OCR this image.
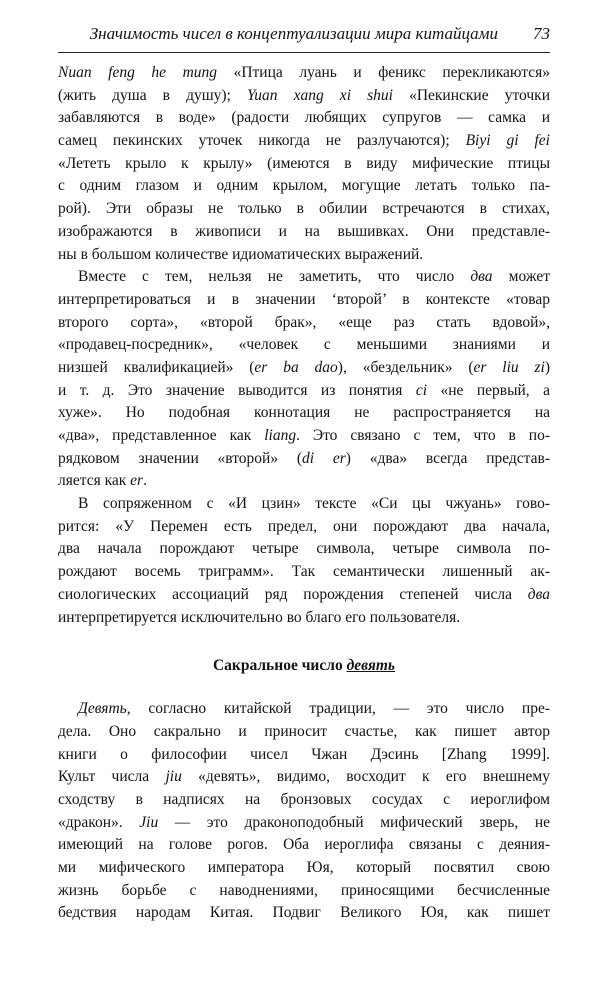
Значимость чисел в концептуализации мира китайцами 73
Nuan feng he mung «Птица луань и феникс перекликаются»
(жить душа в душу); Yuan xang xi shui «Пекинские уточки
забавляются в воде» (радости любящих супругов — самка и
самец пекинских уточек никогда не разлучаются); Biyi gi fei
«Лететь крыло к крылу» (имеются в виду мифические птицы
с одним глазом и одним крылом, могущие летать только па-
рой). Эти образы не только в обилии встречаются в стихах,
изображаются в живописи и на вышивках. Они представле-
ны в большом количестве идиоматических выражений.
Вместе с тем, нельзя не заметить, что число два может
интерпретироваться и в значении ‘второй’ в контексте «товар
второго сорта», «второй брак», «еще раз стать вдовой»,
«продавец-посредник», «человек с меньшими знаниями и
низшей квалификацией» (er ba dao), «бездельник» (er liu zi)
и т. д. Это значение выводится из понятия ci «не первый, а
хуже». Но подобная коннотация не распространяется на
«два», представленное как liang. Это связано с тем, что в по-
рядковом значении «второй» (di er) «два» всегда представ-
ляется как er.
В сопряженном с «И цзин» тексте «Си цы чжуань» гово-
рится: «У Перемен есть предел, они порождают два начала,
два начала порождают четыре символа, четыре символа по-
рождают восемь триграмм». Так семантически лишенный ак-
сиологических ассоциаций ряд порождения степеней числа два
интерпретируется исключительно во благо его пользователя.
Сакральное число девять
Девять, согласно китайской традиции, — это число пре-
дела. Оно сакрально и приносит счастье, как пишет автор
книги о философии чисел Чжан Дэсинь [Zhang 1999].
Культ числа jiu «девять», видимо, восходит к его внешнему
сходству в надписях на бронзовых сосудах с иероглифом
«дракон». Jiu — это драконоподобный мифический зверь, не
имеющий на голове рогов. Оба иероглифа связаны с деяния-
ми мифического императора Юя, который посвятил свою
жизнь борьбе с наводнениями, приносящими бесчисленные
бедствия народам Китая. Подвиг Великого Юя, как пишет
